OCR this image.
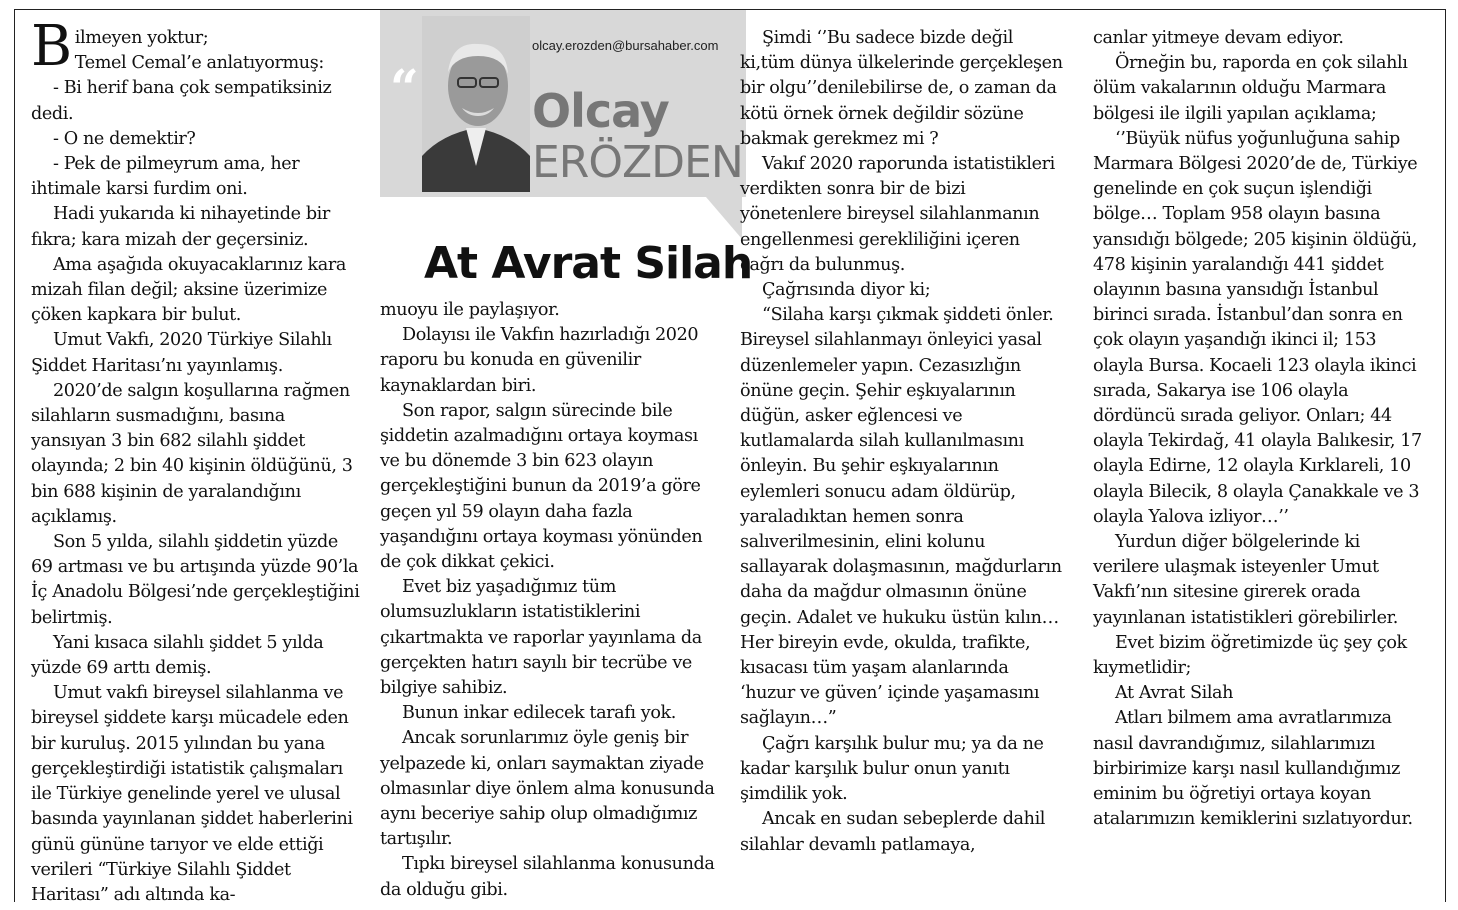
“
olcay.erozden@bursahaber.com
Olcay
ERÖZDEN
At Avrat Silah

Bilmeyen yoktur;
Temel Cemal’e anlatıyormuş:

- Bi herif bana çok sempatiksiniz dedi.

- O ne demektir?

- Pek de pilmeyrum ama, her ihtimale karsi furdim oni.

Hadi yukarıda ki nihayetinde bir fıkra; kara mizah der geçersiniz.

Ama aşağıda okuyacaklarınız kara mizah filan değil; aksine üzerimize çöken kapkara bir bulut.

Umut Vakfı, 2020 Türkiye Silahlı Şiddet Haritası’nı yayınlamış.

2020’de salgın koşullarına rağmen silahların susmadığını, basına yansıyan 3 bin 682 silahlı şiddet olayında; 2 bin 40 kişinin öldüğünü, 3 bin 688 kişinin de yaralandığını açıklamış.

Son 5 yılda, silahlı şiddetin yüzde 69 artması ve bu artışında yüzde 90’la İç Anadolu Bölgesi’nde gerçekleştiğini belirtmiş.

Yani kısaca silahlı şiddet 5 yılda yüzde 69 arttı demiş.

Umut vakfı bireysel silahlanma ve bireysel şiddete karşı mücadele eden bir kuruluş. 2015 yılından bu yana gerçekleştirdiği istatistik çalışmaları ile Türkiye genelinde yerel ve ulusal basında yayınlanan şiddet haberlerini günü gününe tarıyor ve elde ettiği verileri “Türkiye Silahlı Şiddet Haritası” adı altında ka-

muoyu ile paylaşıyor.

Dolayısı ile Vakfın hazırladığı 2020 raporu bu konuda en güvenilir kaynaklardan biri.

Son rapor, salgın sürecinde bile şiddetin azalmadığını ortaya koyması ve bu dönemde 3 bin 623 olayın gerçekleştiğini bunun da 2019’a göre geçen yıl 59 olayın daha fazla yaşandığını ortaya koyması yönünden de çok dikkat çekici.

Evet biz yaşadığımız tüm olumsuzlukların istatistiklerini çıkartmakta ve raporlar yayınlama da gerçekten hatırı sayılı bir tecrübe ve bilgiye sahibiz.

Bunun inkar edilecek tarafı yok.

Ancak sorunlarımız öyle geniş bir yelpazede ki, onları saymaktan ziyade olmasınlar diye önlem alma konusunda aynı beceriye sahip olup olmadığımız tartışılır.

Tıpkı bireysel silahlanma konusunda da olduğu gibi.

Şimdi ‘’Bu sadece bizde değil ki,tüm dünya ülkelerinde gerçekleşen bir olgu’’denilebilirse de, o zaman da kötü örnek örnek değildir sözüne bakmak gerekmez mi ?

Vakıf 2020 raporunda istatistikleri verdikten sonra bir de bizi yönetenlere bireysel silahlanmanın engellenmesi gerekliliğini içeren çağrı da bulunmuş.

Çağrısında diyor ki;

“Silaha karşı çıkmak şiddeti önler. Bireysel silahlanmayı önleyici yasal düzenlemeler yapın. Cezasızlığın önüne geçin. Şehir eşkıyalarının düğün, asker eğlencesi ve kutlamalarda silah kullanılmasını önleyin. Bu şehir eşkıyalarının eylemleri sonucu adam öldürüp, yaraladıktan hemen sonra salıverilmesinin, elini kolunu sallayarak dolaşmasının, mağdurların daha da mağdur olmasının önüne geçin. Adalet ve hukuku üstün kılın… Her bireyin evde, okulda, trafikte, kısacası tüm yaşam alanlarında ‘huzur ve güven’ içinde yaşamasını sağlayın…”

Çağrı karşılık bulur mu; ya da ne kadar karşılık bulur onun yanıtı şimdilik yok.

Ancak en sudan sebeplerde dahil silahlar devamlı patlamaya,

canlar yitmeye devam ediyor.

Örneğin bu, raporda en çok silahlı ölüm vakalarının olduğu Marmara bölgesi ile ilgili yapılan açıklama;

‘’Büyük nüfus yoğunluğuna sahip Marmara Bölgesi 2020’de de, Türkiye genelinde en çok suçun işlendiği bölge… Toplam 958 olayın basına yansıdığı bölgede; 205 kişinin öldüğü, 478 kişinin yaralandığı 441 şiddet olayının basına yansıdığı İstanbul birinci sırada. İstanbul’dan sonra en çok olayın yaşandığı ikinci il; 153 olayla Bursa. Kocaeli 123 olayla ikinci sırada, Sakarya ise 106 olayla dördüncü sırada geliyor. Onları; 44 olayla Tekirdağ, 41 olayla Balıkesir, 17 olayla Edirne, 12 olayla Kırklareli, 10 olayla Bilecik, 8 olayla Çanakkale ve 3 olayla Yalova izliyor…’’

Yurdun diğer bölgelerinde ki verilere ulaşmak isteyenler Umut Vakfı’nın sitesine girerek orada yayınlanan istatistikleri görebilirler.

Evet bizim öğretimizde üç şey çok kıymetlidir;

At Avrat Silah

Atları bilmem ama avratlarımıza nasıl davrandığımız, silahlarımızı birbirimize karşı nasıl kullandığımız eminim bu öğretiyi ortaya koyan atalarımızın kemiklerini sızlatıyordur.
